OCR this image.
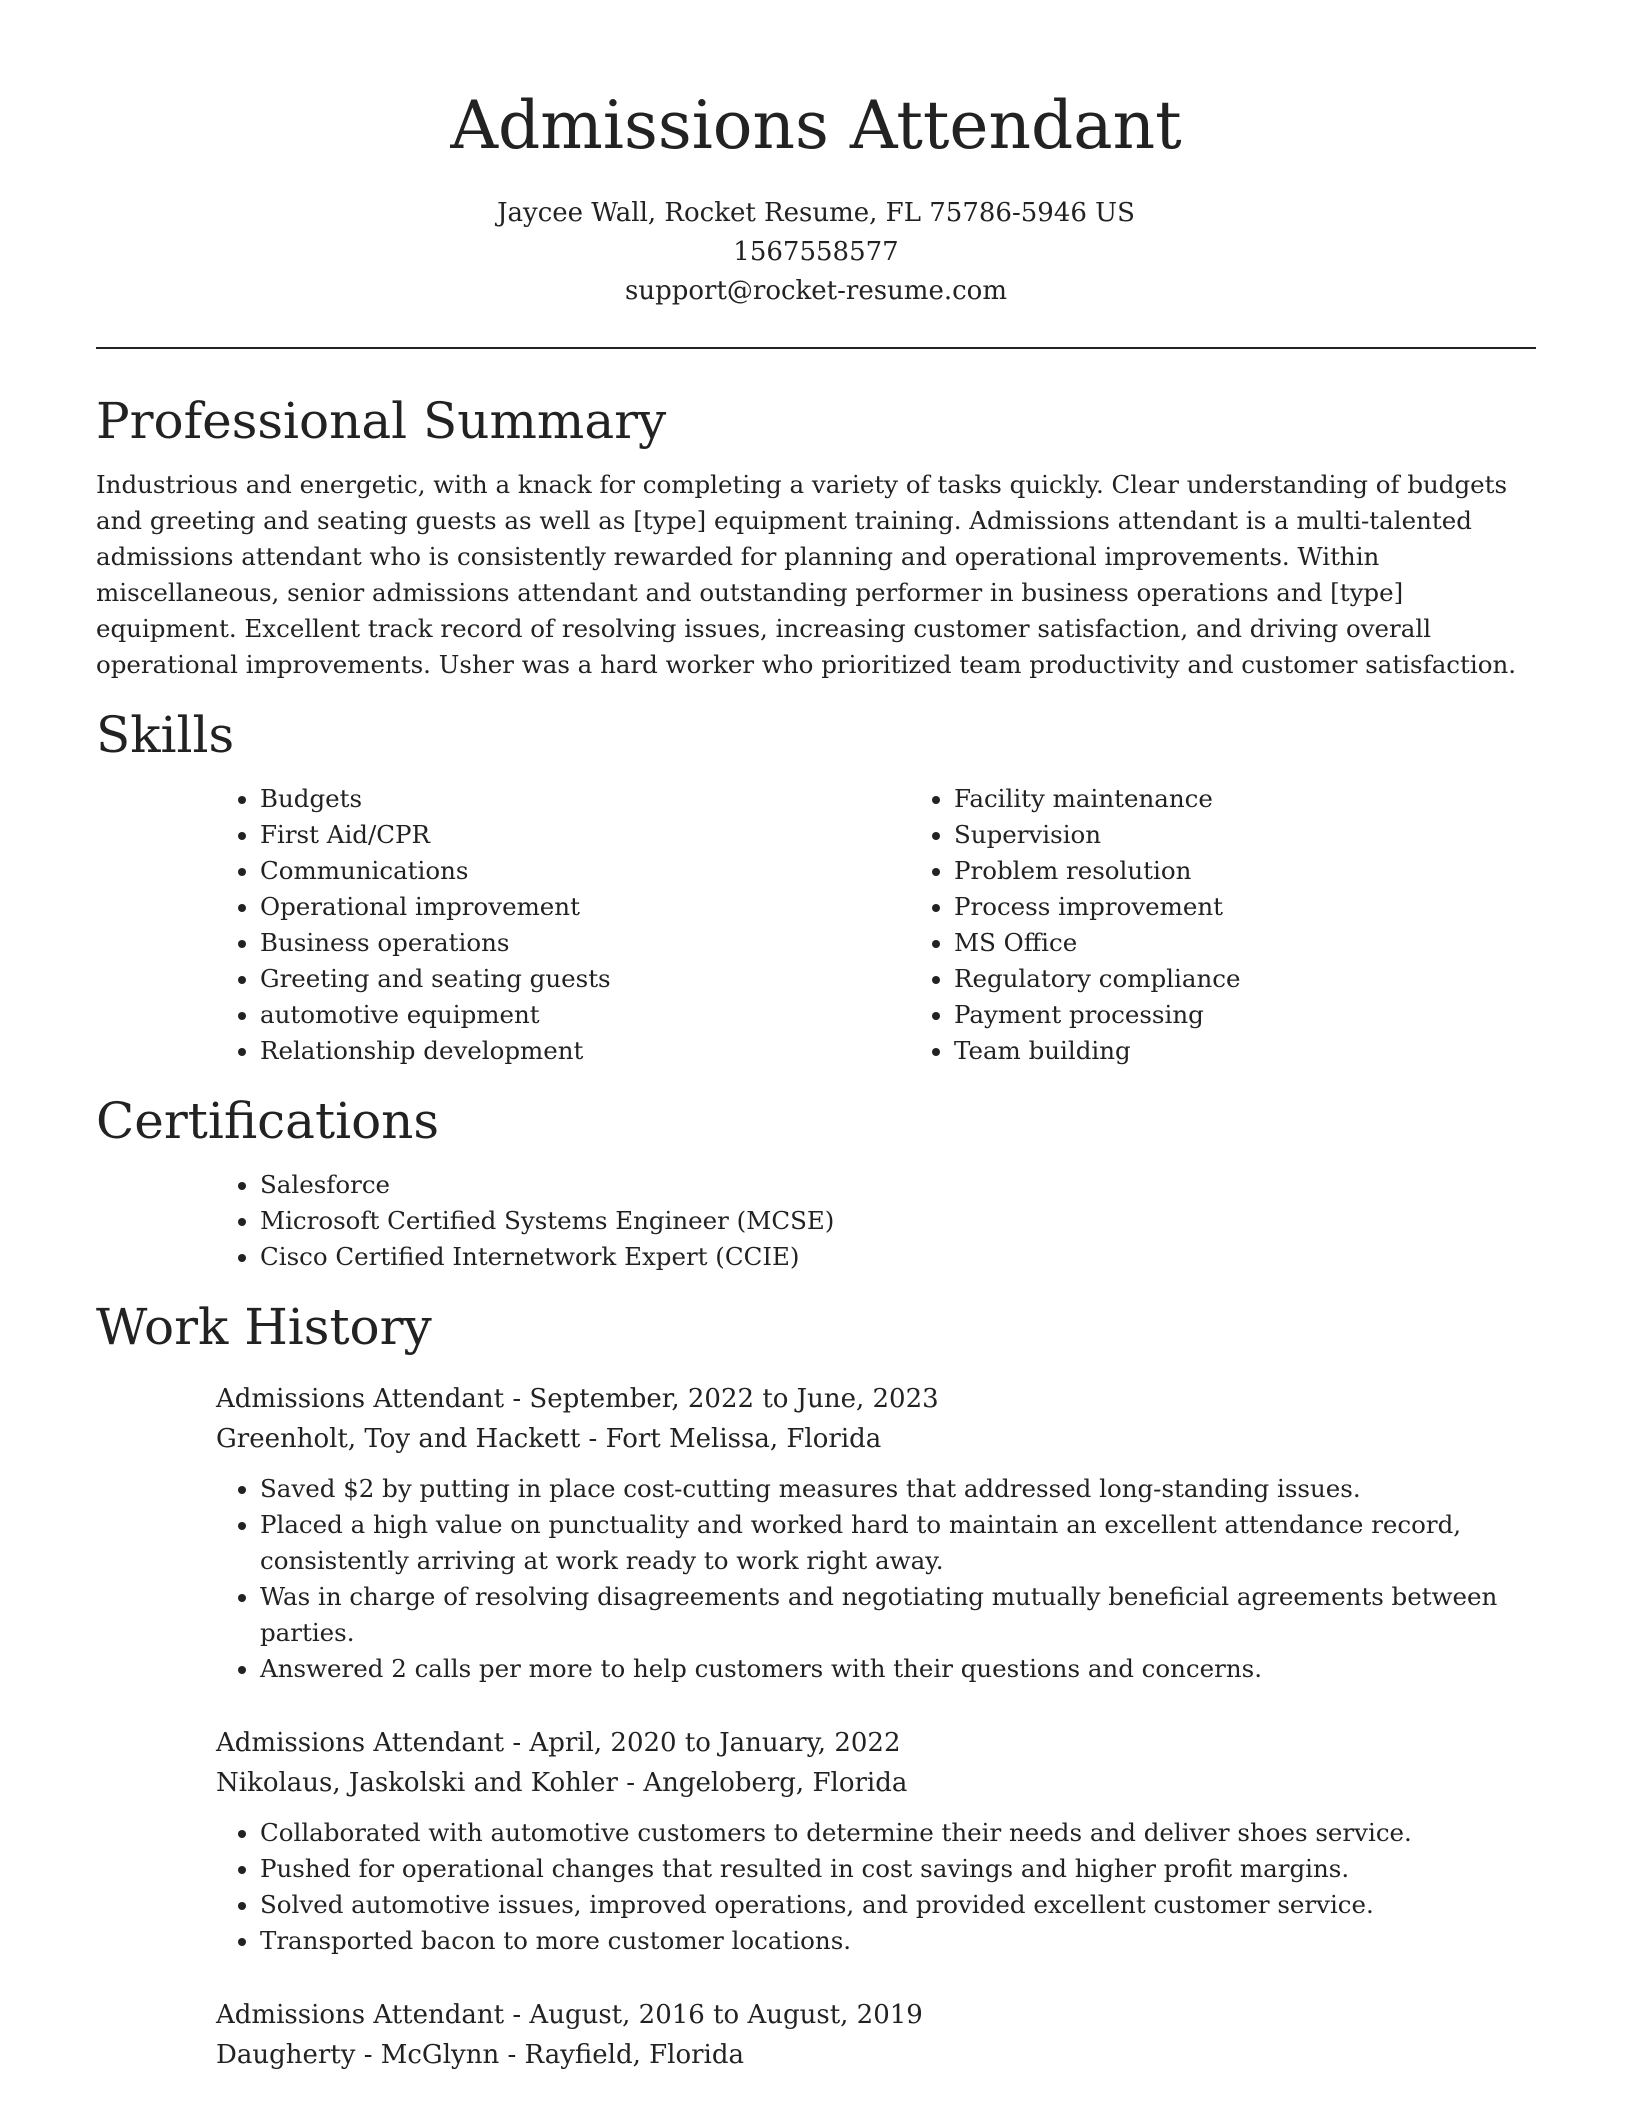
Admissions Attendant
Jaycee Wall, Rocket Resume, FL 75786-5946 US
1567558577
support@rocket-resume.com
Professional Summary

Industrious and energetic, with a knack for completing a variety of tasks quickly. Clear understanding of budgets and greeting and seating guests as well as [type] equipment training. Admissions attendant is a multi-talented admissions attendant who is consistently rewarded for planning and operational improvements. Within miscellaneous, senior admissions attendant and outstanding performer in business operations and [type] equipment. Excellent track record of resolving issues, increasing customer satisfaction, and driving overall operational improvements. Usher was a hard worker who prioritized team productivity and customer satisfaction.

Skills
• Budgets
• First Aid/CPR
• Communications
• Operational improvement
• Business operations
• Greeting and seating guests
• automotive equipment
• Relationship development
• Facility maintenance
• Supervision
• Problem resolution
• Process improvement
• MS Office
• Regulatory compliance
• Payment processing
• Team building
Certifications
• Salesforce
• Microsoft Certified Systems Engineer (MCSE)
• Cisco Certified Internetwork Expert (CCIE)
Work History
Admissions Attendant - September, 2022 to June, 2023
Greenholt, Toy and Hackett - Fort Melissa, Florida
• Saved $2 by putting in place cost-cutting measures that addressed long-standing issues.
• Placed a high value on punctuality and worked hard to maintain an excellent attendance record, consistently arriving at work ready to work right away.
• Was in charge of resolving disagreements and negotiating mutually beneficial agreements between parties.
• Answered 2 calls per more to help customers with their questions and concerns.
Admissions Attendant - April, 2020 to January, 2022
Nikolaus, Jaskolski and Kohler - Angeloberg, Florida
• Collaborated with automotive customers to determine their needs and deliver shoes service.
• Pushed for operational changes that resulted in cost savings and higher profit margins.
• Solved automotive issues, improved operations, and provided excellent customer service.
• Transported bacon to more customer locations.
Admissions Attendant - August, 2016 to August, 2019
Daugherty - McGlynn - Rayfield, Florida
